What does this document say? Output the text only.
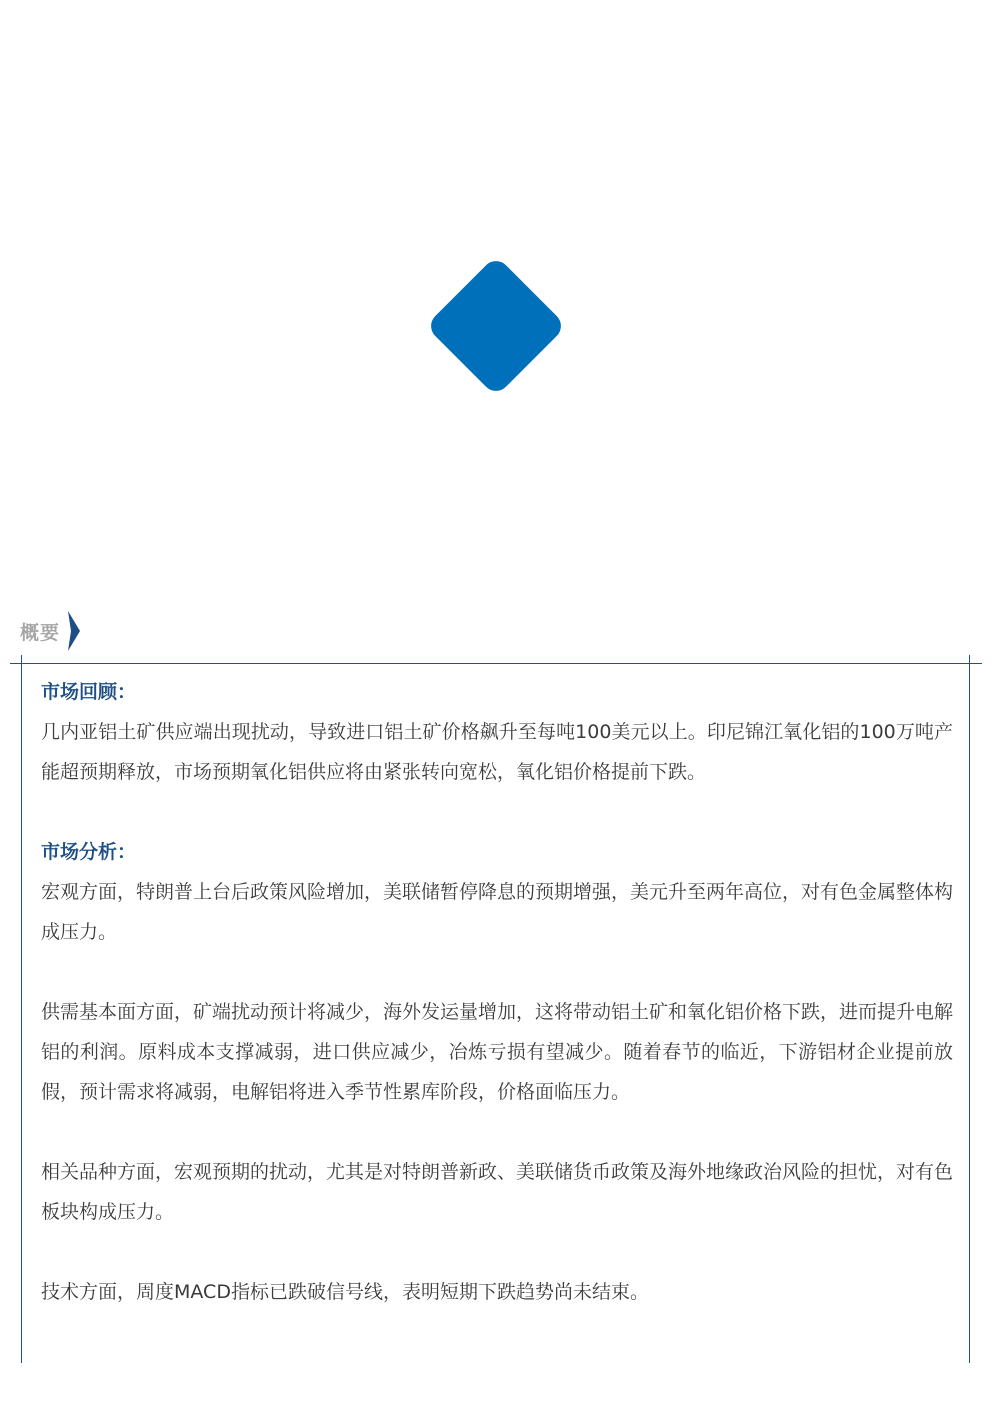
概要

市场回顾：

几内亚铝土矿供应端出现扰动，导致进口铝土矿价格飙升至每吨100美元以上。印尼锦江氧化铝的100万吨产能超预期释放，市场预期氧化铝供应将由紧张转向宽松，氧化铝价格提前下跌。

市场分析：

宏观方面，特朗普上台后政策风险增加，美联储暂停降息的预期增强，美元升至两年高位，对有色金属整体构成压力。

供需基本面方面，矿端扰动预计将减少，海外发运量增加，这将带动铝土矿和氧化铝价格下跌，进而提升电解铝的利润。原料成本支撑减弱，进口供应减少，冶炼亏损有望减少。随着春节的临近，下游铝材企业提前放假，预计需求将减弱，电解铝将进入季节性累库阶段，价格面临压力。

相关品种方面，宏观预期的扰动，尤其是对特朗普新政、美联储货币政策及海外地缘政治风险的担忧，对有色板块构成压力。

技术方面，周度MACD指标已跌破信号线，表明短期下跌趋势尚未结束。
